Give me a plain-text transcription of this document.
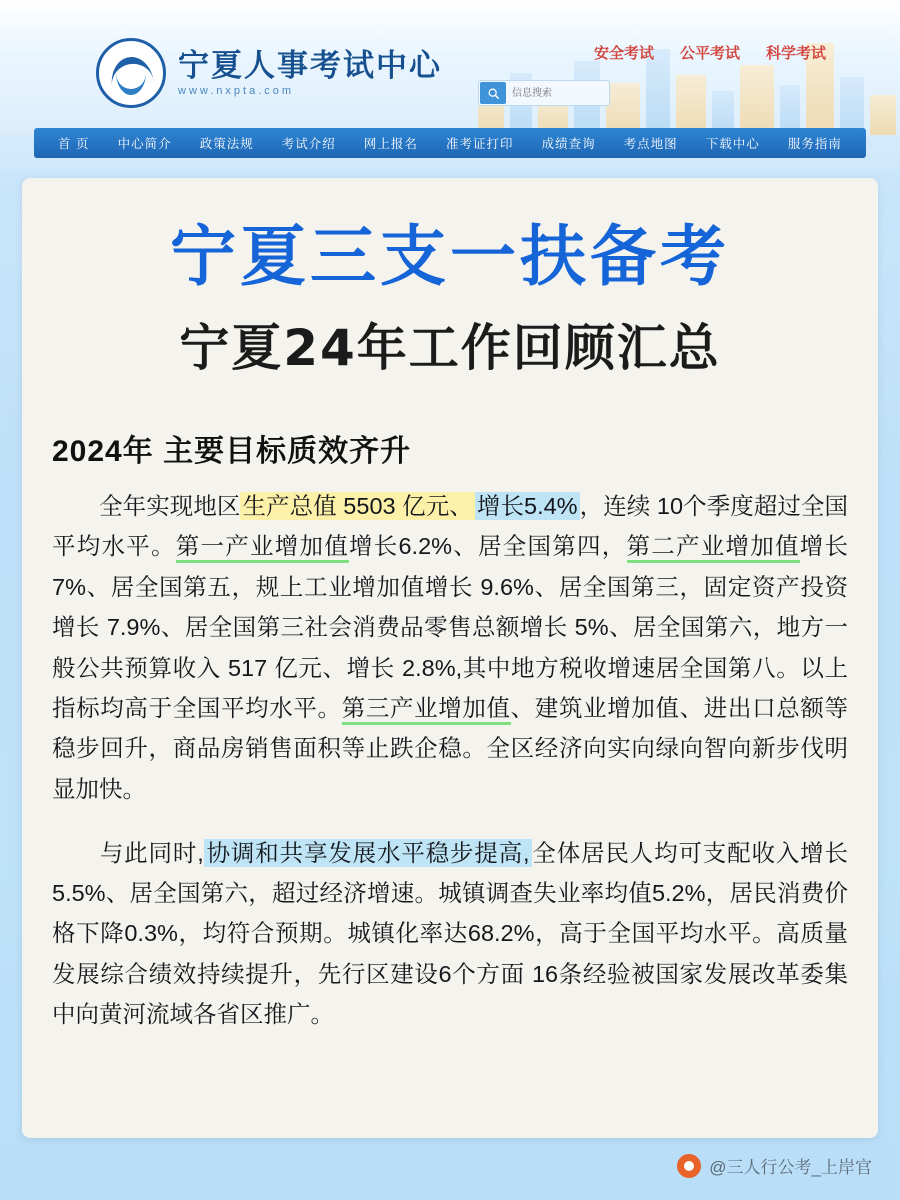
宁夏人事考试中心
www.nxpta.com
安全考试 公平考试 科学考试
信息搜索
首 页 中心简介 政策法规 考试介绍 网上报名 准考证打印 成绩查询 考点地图 下载中心 服务指南
宁夏三支一扶备考
宁夏24年工作回顾汇总
2024年 主要目标质效齐升

全年实现地区生产总值 5503 亿元、 增长5.4%，连续 10个季度超过全国平均水平。第一产业增加值增长6.2%、居全国第四，第二产业增加值增长 7%、居全国第五，规上工业增加值增长 9.6%、居全国第三，固定资产投资增长 7.9%、居全国第三社会消费品零售总额增长 5%、居全国第六，地方一般公共预算收入 517 亿元、增长 2.8%,其中地方税收增速居全国第八。以上指标均高于全国平均水平。第三产业增加值、建筑业增加值、进出口总额等稳步回升，商品房销售面积等止跌企稳。全区经济向实向绿向智向新步伐明显加快。

与此同时,协调和共享发展水平稳步提高,全体居民人均可支配收入增长 5.5%、居全国第六，超过经济增速。城镇调查失业率均值5.2%，居民消费价格下降0.3%，均符合预期。城镇化率达68.2%，高于全国平均水平。高质量发展综合绩效持续提升，先行区建设6个方面 16条经验被国家发展改革委集中向黄河流域各省区推广。

@三人行公考_上岸官
